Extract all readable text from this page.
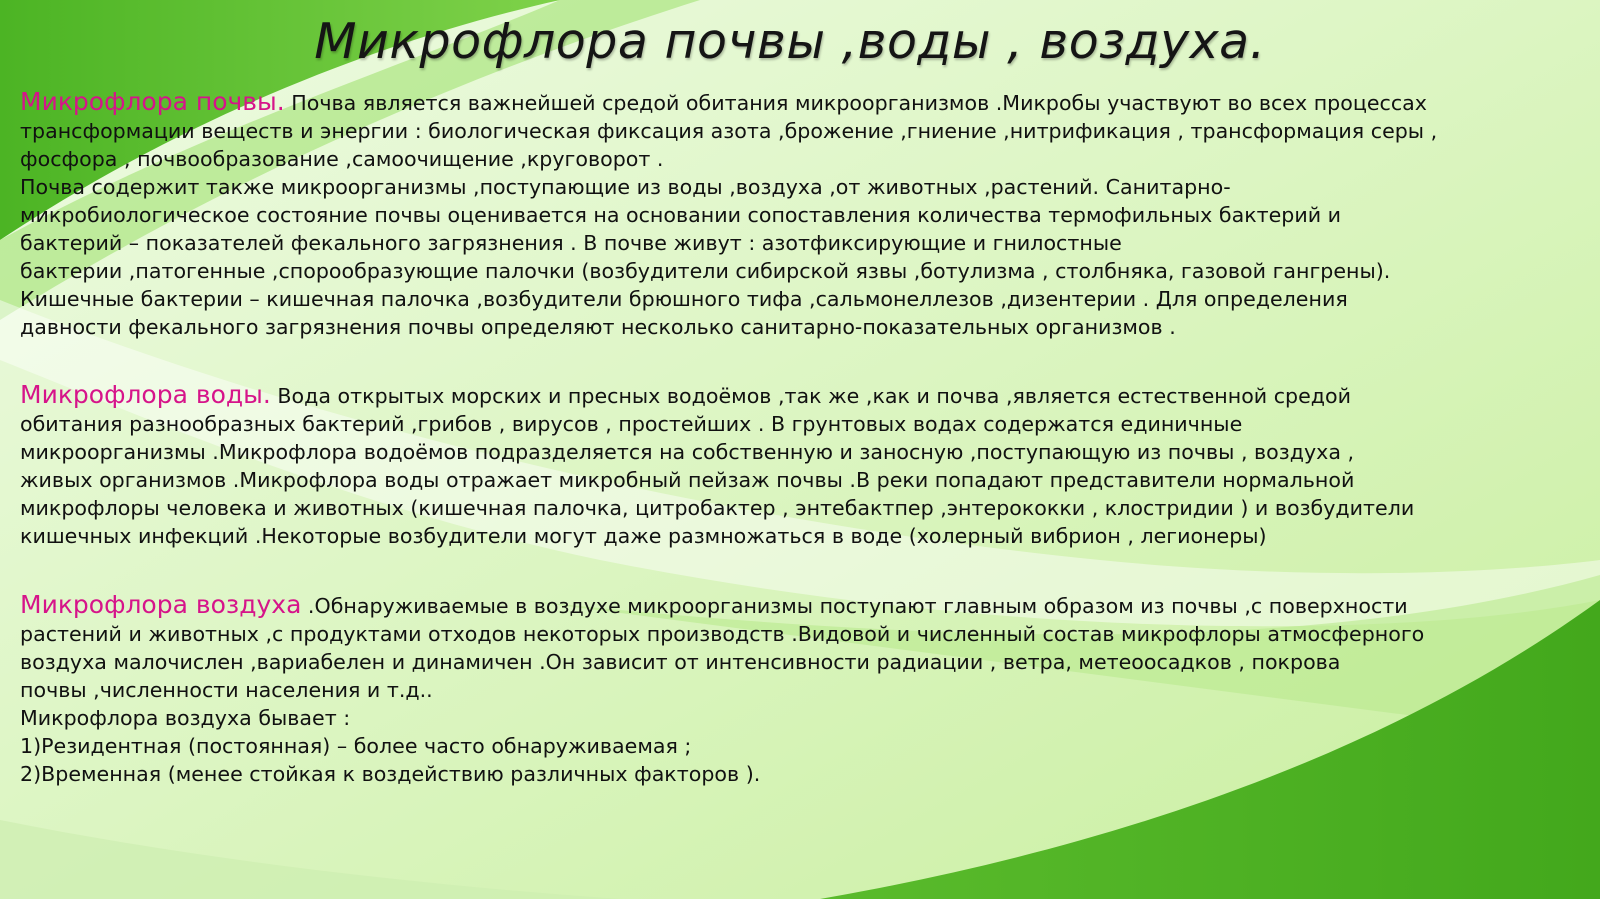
Микрофлора почвы ,воды , воздуха.
Микрофлора почвы. Почва является важнейшей средой обитания микроорганизмов .Микробы участвуют во всех процессах
трансформации веществ и энергии : биологическая фиксация азота ,брожение ,гниение ,нитрификация , трансформация серы ,
фосфора , почвообразование ,самоочищение ,круговорот .
Почва содержит также микроорганизмы ,поступающие из воды ,воздуха ,от животных ,растений. Санитарно-
микробиологическое состояние почвы оценивается на основании сопоставления количества термофильных бактерий и
бактерий – показателей фекального загрязнения . В почве живут : азотфиксирующие и гнилостные
бактерии ,патогенные ,спорообразующие палочки (возбудители сибирской язвы ,ботулизма , столбняка, газовой гангрены).
Кишечные бактерии – кишечная палочка ,возбудители брюшного тифа ,сальмонеллезов ,дизентерии . Для определения
давности фекального загрязнения почвы определяют несколько санитарно-показательных организмов .
Микрофлора воды. Вода открытых морских и пресных водоёмов ,так же ,как и почва ,является естественной средой
обитания разнообразных бактерий ,грибов , вирусов , простейших . В грунтовых водах содержатся единичные
микроорганизмы .Микрофлора водоёмов подразделяется на собственную и заносную ,поступающую из почвы , воздуха ,
живых организмов .Микрофлора воды отражает микробный пейзаж почвы .В реки попадают представители нормальной
микрофлоры человека и животных (кишечная палочка, цитробактер , энтебактпер ,энтерококки , клостридии ) и возбудители
кишечных инфекций .Некоторые возбудители могут даже размножаться в воде (холерный вибрион , легионеры)
Микрофлора воздуха .Обнаруживаемые в воздухе микроорганизмы поступают главным образом из почвы ,с поверхности
растений и животных ,с продуктами отходов некоторых производств .Видовой и численный состав микрофлоры атмосферного
воздуха малочислен ,вариабелен и динамичен .Он зависит от интенсивности радиации , ветра, метеоосадков , покрова
почвы ,численности населения и т.д..
Микрофлора воздуха бывает :
1)Резидентная (постоянная) – более часто обнаруживаемая ;
2)Временная (менее стойкая к воздействию различных факторов ).
